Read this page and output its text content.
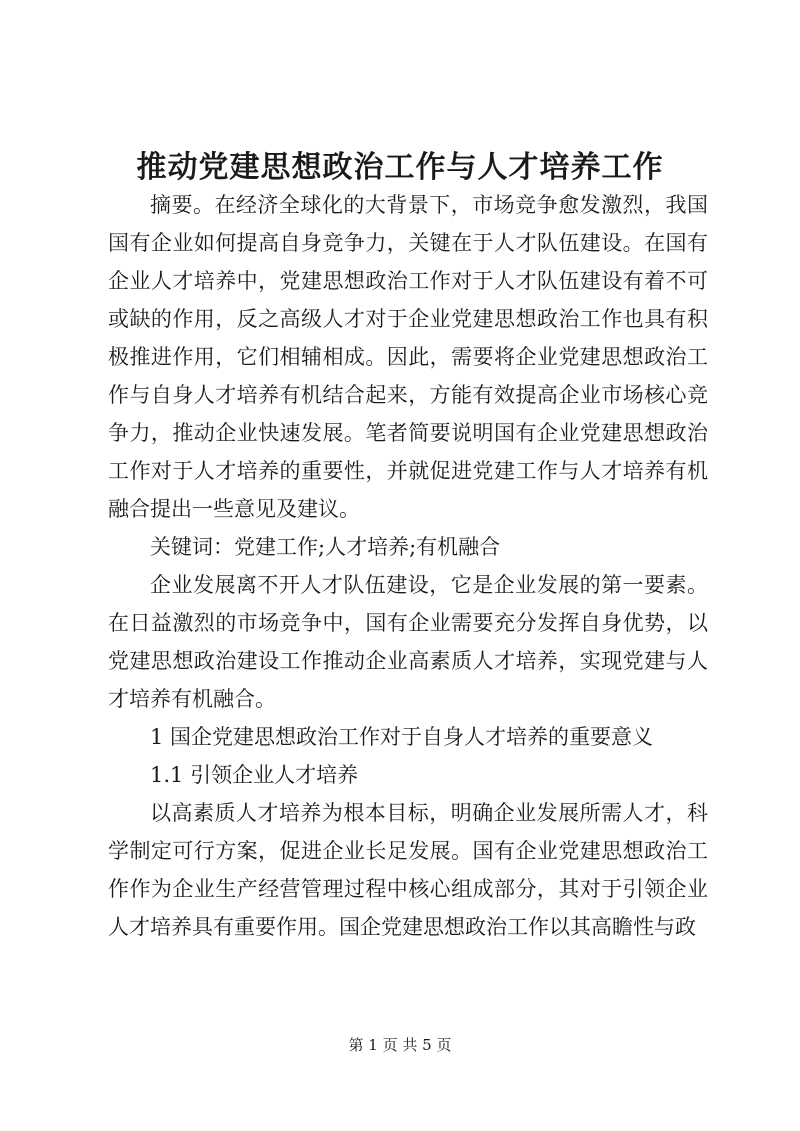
推动党建思想政治工作与人才培养工作

摘要。在经济全球化的大背景下，市场竞争愈发激烈，我国国有企业如何提高自身竞争力，关键在于人才队伍建设。在国有企业人才培养中，党建思想政治工作对于人才队伍建设有着不可或缺的作用，反之高级人才对于企业党建思想政治工作也具有积极推进作用，它们相辅相成。因此，需要将企业党建思想政治工作与自身人才培养有机结合起来，方能有效提高企业市场核心竞争力，推动企业快速发展。笔者简要说明国有企业党建思想政治工作对于人才培养的重要性，并就促进党建工作与人才培养有机融合提出一些意见及建议。

关键词：党建工作;人才培养;有机融合

企业发展离不开人才队伍建设，它是企业发展的第一要素。在日益激烈的市场竞争中，国有企业需要充分发挥自身优势，以党建思想政治建设工作推动企业高素质人才培养，实现党建与人才培养有机融合。

1 国企党建思想政治工作对于自身人才培养的重要意义

1.1 引领企业人才培养

以高素质人才培养为根本目标，明确企业发展所需人才，科学制定可行方案，促进企业长足发展。国有企业党建思想政治工作作为企业生产经营管理过程中核心组成部分，其对于引领企业人才培养具有重要作用。国企党建思想政治工作以其高瞻性与政

第 1 页 共 5 页
